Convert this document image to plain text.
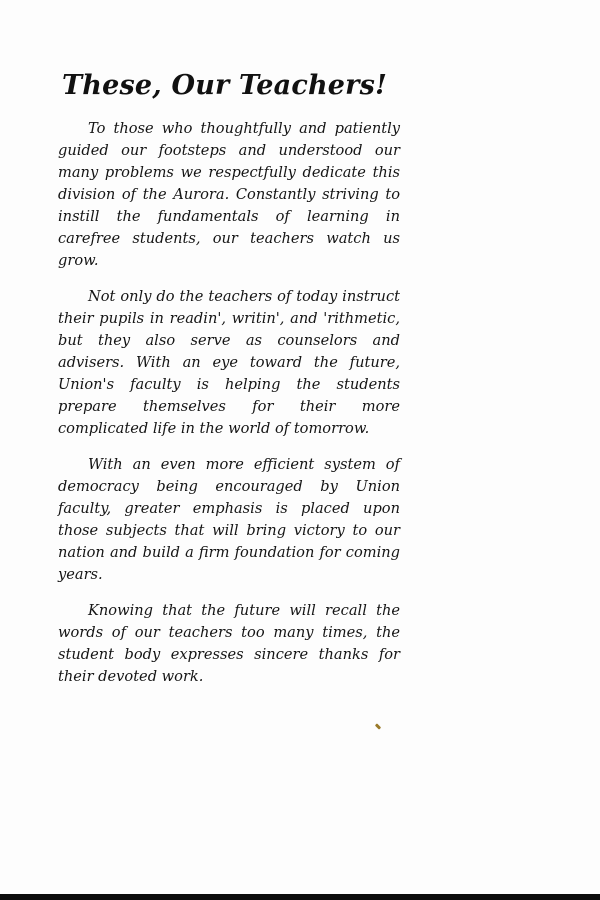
These, Our Teachers!

To those who thoughtfully and patiently guided our footsteps and understood our many problems we respectfully dedicate this division of the Aurora. Constantly striving to instill the fundamentals of learning in carefree students, our teachers watch us grow.

Not only do the teachers of today instruct their pupils in readin', writin', and 'rithmetic, but they also serve as counselors and advisers. With an eye toward the future, Union's faculty is helping the students prepare themselves for their more complicated life in the world of tomorrow.

With an even more efficient system of democracy being encouraged by Union faculty, greater emphasis is placed upon those subjects that will bring victory to our nation and build a firm foundation for coming years.

Knowing that the future will recall the words of our teachers too many times, the student body expresses sincere thanks for their devoted work.
